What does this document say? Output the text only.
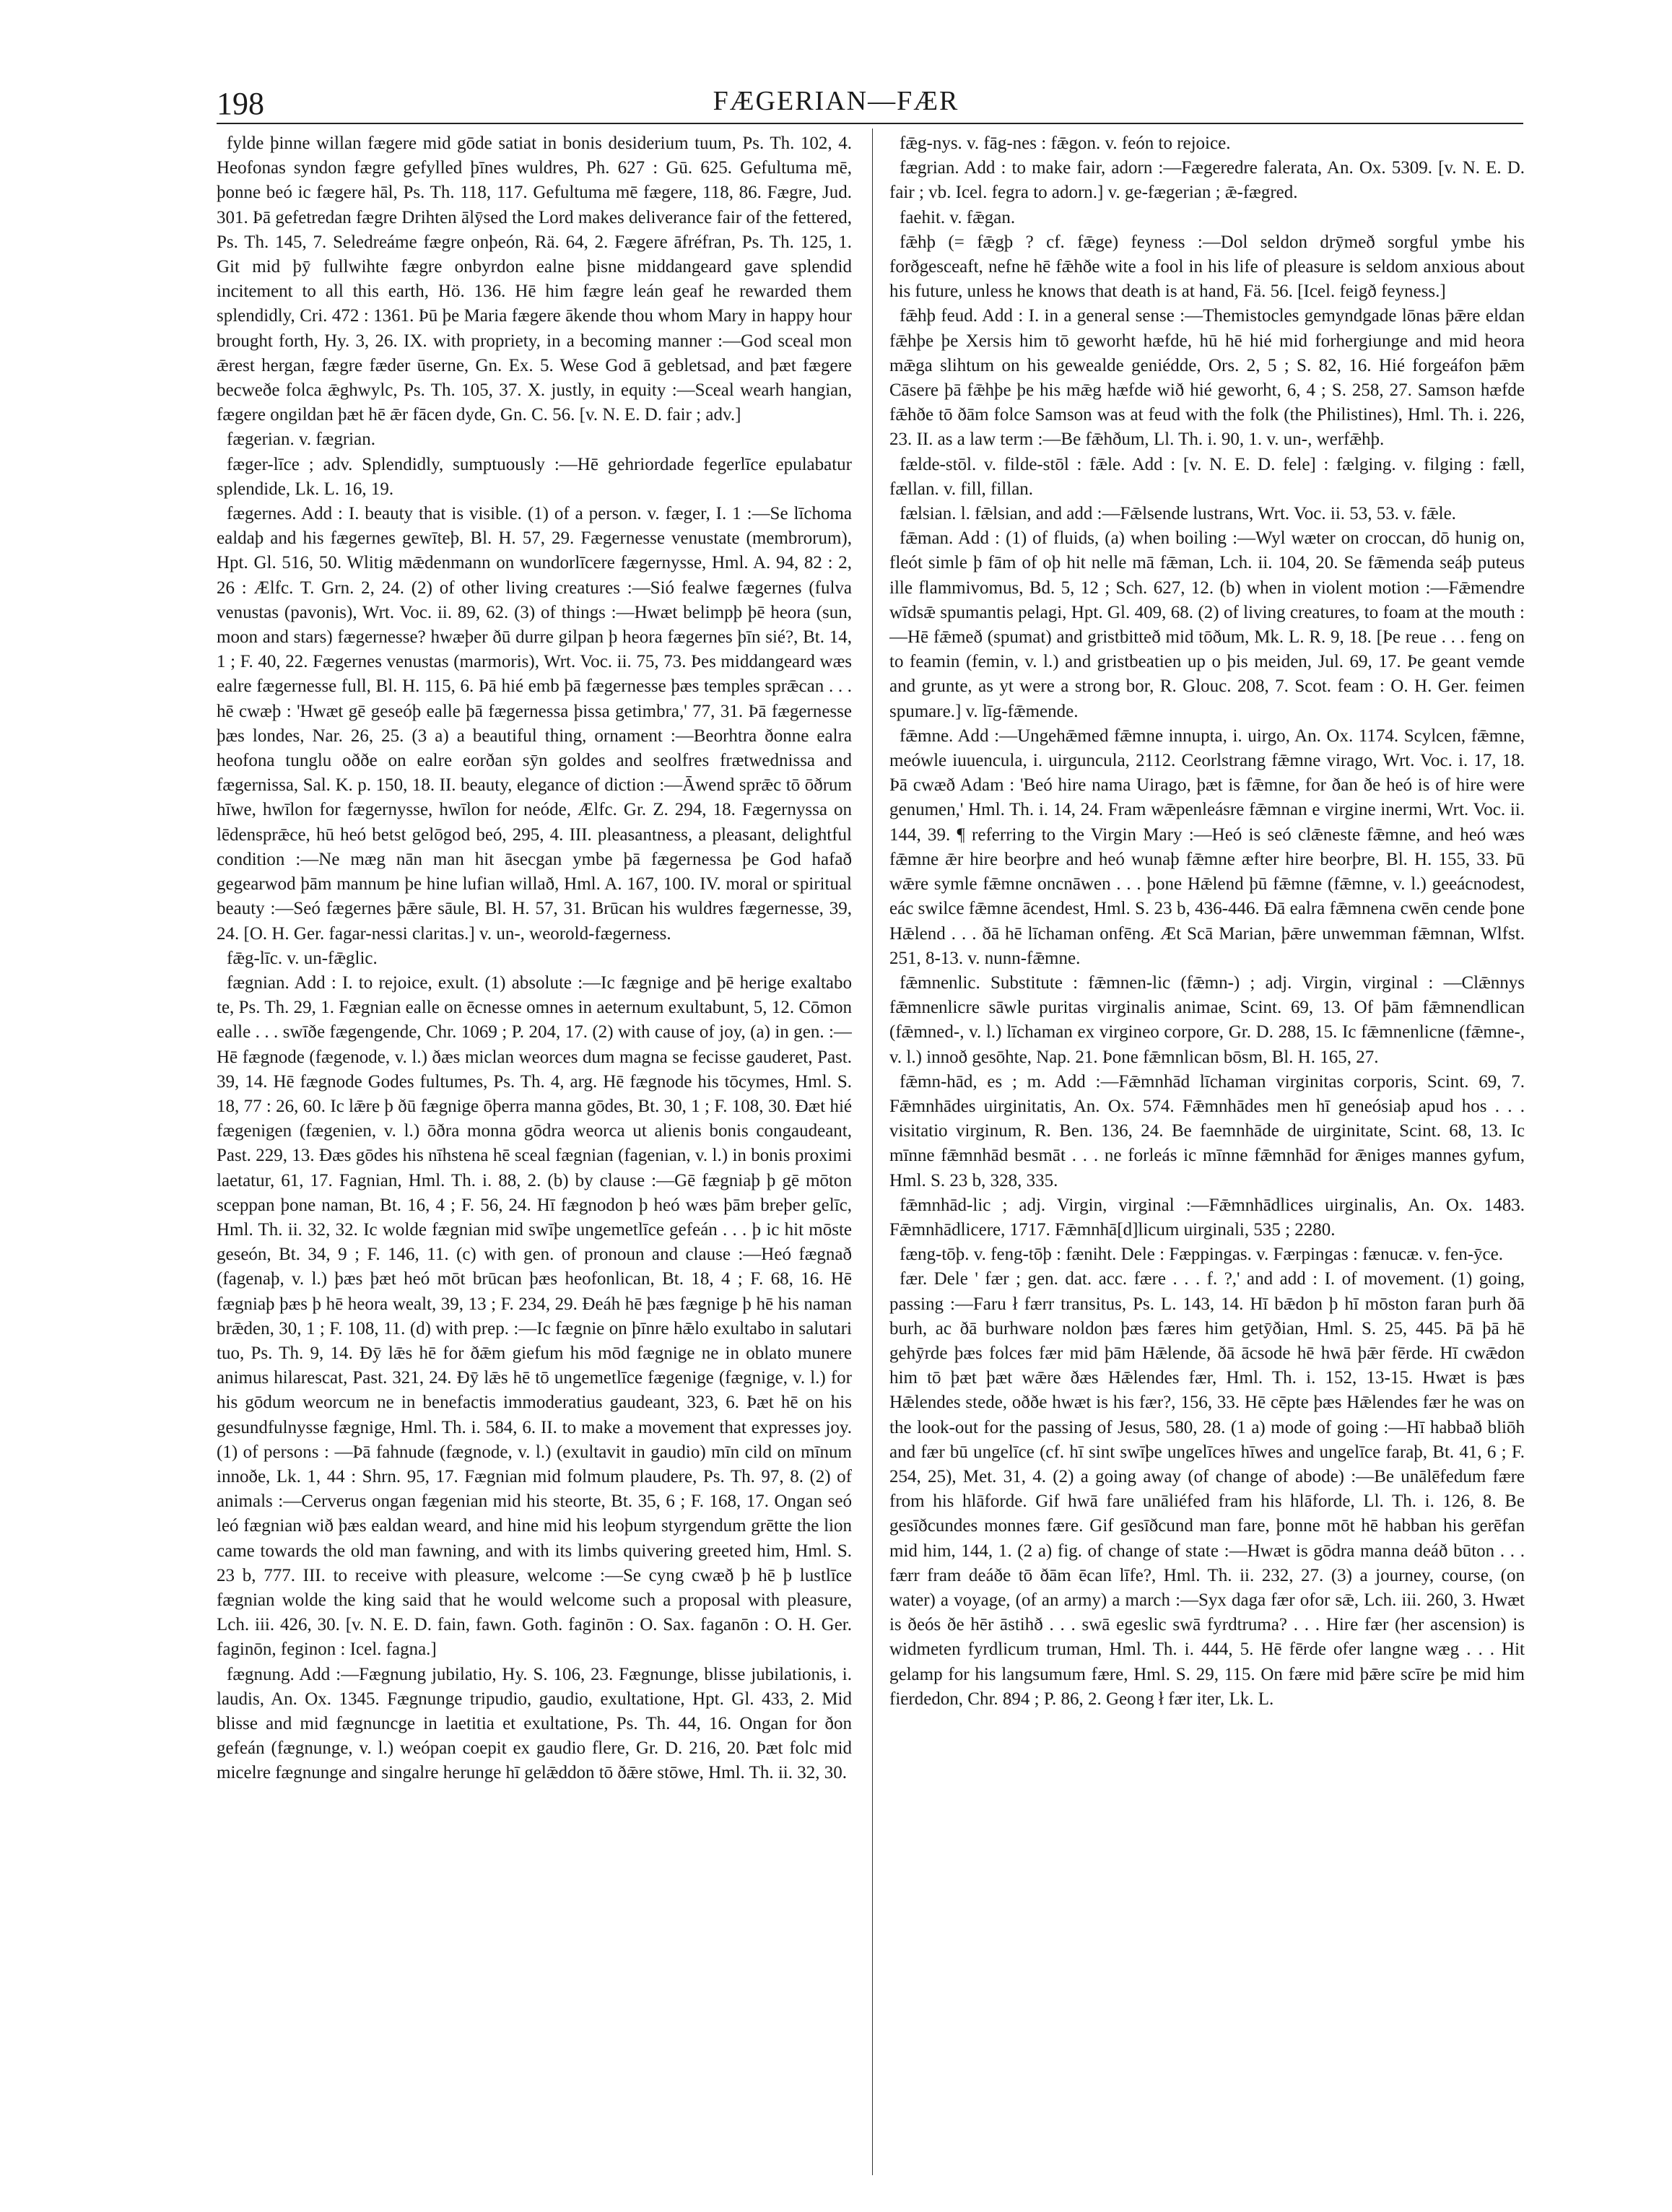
198	FÆGERIAN—FÆR

fylde þinne willan fægere mid gōde satiat in bonis desiderium tuum, Ps. Th. 102, 4. Heofonas syndon fægre gefylled þīnes wuldres, Ph. 627 : Gū. 625. Gefultuma mē, þonne beó ic fægere hāl, Ps. Th. 118, 117. Gefultuma mē fægere, 118, 86. Fægre, Jud. 301. Þā gefetredan fægre Drihten ālȳsed the Lord makes deliverance fair of the fettered, Ps. Th. 145, 7. Seledreáme fægre onþeón, Rä. 64, 2. Fægere āfréfran, Ps. Th. 125, 1. Git mid þȳ fullwihte fægre onbyrdon ealne þisne middangeard gave splendid incitement to all this earth, Hö. 136. Hē him fægre leán geaf he rewarded them splendidly, Cri. 472 : 1361. Þū þe Maria fægere ākende thou whom Mary in happy hour brought forth, Hy. 3, 26. IX. with propriety, in a becoming manner :—God sceal mon ǣrest hergan, fægre fæder ūserne, Gn. Ex. 5. Wese God ā gebletsad, and þæt fægere becweðe folca ǣghwylc, Ps. Th. 105, 37. X. justly, in equity :—Sceal wearh hangian, fægere ongildan þæt hē ǣr fācen dyde, Gn. C. 56. [v. N. E. D. fair ; adv.]

fægerian. v. fægrian.

fæger-līce ; adv. Splendidly, sumptuously :—Hē gehriordade fegerlīce epulabatur splendide, Lk. L. 16, 19.

fægernes. Add : I. beauty that is visible. (1) of a person. v. fæger, I. 1 :—Se līchoma ealdaþ and his fægernes gewīteþ, Bl. H. 57, 29. Fægernesse venustate (membrorum), Hpt. Gl. 516, 50. Wlitig mǣdenmann on wundorlīcere fægernysse, Hml. A. 94, 82 : 2, 26 : Ælfc. T. Grn. 2, 24. (2) of other living creatures :—Sió fealwe fægernes (fulva venustas (pavonis), Wrt. Voc. ii. 89, 62. (3) of things :—Hwæt belimpþ þē heora (sun, moon and stars) fægernesse? hwæþer ðū durre gilpan þ heora fægernes þīn sié?, Bt. 14, 1 ; F. 40, 22. Fægernes venustas (marmoris), Wrt. Voc. ii. 75, 73. Þes middangeard wæs ealre fægernesse full, Bl. H. 115, 6. Þā hié emb þā fægernesse þæs temples sprǣcan . . . hē cwæþ : 'Hwæt gē geseóþ ealle þā fægernessa þissa getimbra,' 77, 31. Þā fægernesse þæs londes, Nar. 26, 25. (3 a) a beautiful thing, ornament :—Beorhtra ðonne ealra heofona tunglu oððe on ealre eorðan sȳn goldes and seolfres frætwednissa and fægernissa, Sal. K. p. 150, 18. II. beauty, elegance of diction :—Āwend sprǣc tō ōðrum hīwe, hwīlon for fægernysse, hwīlon for neóde, Ælfc. Gr. Z. 294, 18. Fægernyssa on lēdensprǣce, hū heó betst gelōgod beó, 295, 4. III. pleasantness, a pleasant, delightful condition :—Ne mæg nān man hit āsecgan ymbe þā fægernessa þe God hafað gegearwod þām mannum þe hine lufian willað, Hml. A. 167, 100. IV. moral or spiritual beauty :—Seó fægernes þǣre sāule, Bl. H. 57, 31. Brūcan his wuldres fægernesse, 39, 24. [O. H. Ger. fagar-nessi claritas.] v. un-, weorold-fægerness.

fǣg-līc. v. un-fǣglic.

fægnian. Add : I. to rejoice, exult. (1) absolute :—Ic fægnige and þē herige exaltabo te, Ps. Th. 29, 1. Fægnian ealle on ēcnesse omnes in aeternum exultabunt, 5, 12. Cōmon ealle . . . swīðe fægengende, Chr. 1069 ; P. 204, 17. (2) with cause of joy, (a) in gen. :—Hē fægnode (fægenode, v. l.) ðæs miclan weorces dum magna se fecisse gauderet, Past. 39, 14. Hē fægnode Godes fultumes, Ps. Th. 4, arg. Hē fægnode his tōcymes, Hml. S. 18, 77 : 26, 60. Ic lǣre þ ðū fægnige ōþerra manna gōdes, Bt. 30, 1 ; F. 108, 30. Ðæt hié fægenigen (fægenien, v. l.) ōðra monna gōdra weorca ut alienis bonis congaudeant, Past. 229, 13. Ðæs gōdes his nīhstena hē sceal fægnian (fagenian, v. l.) in bonis proximi laetatur, 61, 17. Fagnian, Hml. Th. i. 88, 2. (b) by clause :—Gē fægniaþ þ gē mōton sceppan þone naman, Bt. 16, 4 ; F. 56, 24. Hī fægnodon þ heó wæs þām breþer gelīc, Hml. Th. ii. 32, 32. Ic wolde fægnian mid swīþe ungemetlīce gefeán . . . þ ic hit mōste geseón, Bt. 34, 9 ; F. 146, 11. (c) with gen. of pronoun and clause :—Heó fægnað (fagenaþ, v. l.) þæs þæt heó mōt brūcan þæs heofonlican, Bt. 18, 4 ; F. 68, 16. Hē fægniaþ þæs þ hē heora wealt, 39, 13 ; F. 234, 29. Ðeáh hē þæs fægnige þ hē his naman brǣden, 30, 1 ; F. 108, 11. (d) with prep. :—Ic fægnie on þīnre hǣlo exultabo in salutari tuo, Ps. Th. 9, 14. Ðȳ lǣs hē for ðǣm giefum his mōd fægnige ne in oblato munere animus hilarescat, Past. 321, 24. Ðȳ lǣs hē tō ungemetlīce fægenige (fægnige, v. l.) for his gōdum weorcum ne in benefactis immoderatius gaudeant, 323, 6. Þæt hē on his gesundfulnysse fægnige, Hml. Th. i. 584, 6. II. to make a movement that expresses joy. (1) of persons : —Þā fahnude (fægnode, v. l.) (exultavit in gaudio) mīn cild on mīnum innoðe, Lk. 1, 44 : Shrn. 95, 17. Fægnian mid folmum plaudere, Ps. Th. 97, 8. (2) of animals :—Cerverus ongan fægenian mid his steorte, Bt. 35, 6 ; F. 168, 17. Ongan seó leó fægnian wið þæs ealdan weard, and hine mid his leoþum styrgendum grētte the lion came towards the old man fawning, and with its limbs quivering greeted him, Hml. S. 23 b, 777. III. to receive with pleasure, welcome :—Se cyng cwæð þ hē þ lustlīce fægnian wolde the king said that he would welcome such a proposal with pleasure, Lch. iii. 426, 30. [v. N. E. D. fain, fawn. Goth. faginōn : O. Sax. faganōn : O. H. Ger. faginōn, feginon : Icel. fagna.]

fægnung. Add :—Fægnung jubilatio, Hy. S. 106, 23. Fægnunge, blisse jubilationis, i. laudis, An. Ox. 1345. Fægnunge tripudio, gaudio, exultatione, Hpt. Gl. 433, 2. Mid blisse and mid fægnuncge in laetitia et exultatione, Ps. Th. 44, 16. Ongan for ðon gefeán (fægnunge, v. l.) weópan coepit ex gaudio flere, Gr. D. 216, 20. Þæt folc mid micelre fægnunge and singalre herunge hī gelǣddon tō ðǣre stōwe, Hml. Th. ii. 32, 30.

fǣg-nys. v. fāg-nes : fǣgon. v. feón to rejoice.

fægrian. Add : to make fair, adorn :—Fægeredre falerata, An. Ox. 5309. [v. N. E. D. fair ; vb. Icel. fegra to adorn.] v. ge-fægerian ; ǣ-fægred.

faehit. v. fǣgan.

fǣhþ (= fǣgþ ? cf. fǣge) feyness :—Dol seldon drȳmeð sorgful ymbe his forðgesceaft, nefne hē fǣhðe wite a fool in his life of pleasure is seldom anxious about his future, unless he knows that death is at hand, Fä. 56. [Icel. feigð feyness.]

fǣhþ feud. Add : I. in a general sense :—Themistocles gemyndgade lōnas þǣre eldan fǣhþe þe Xersis him tō geworht hæfde, hū hē hié mid forhergiunge and mid heora mǣga slihtum on his gewealde geniédde, Ors. 2, 5 ; S. 82, 16. Hié forgeáfon þǣm Cāsere þā fǣhþe þe his mǣg hæfde wið hié geworht, 6, 4 ; S. 258, 27. Samson hæfde fǣhðe tō ðām folce Samson was at feud with the folk (the Philistines), Hml. Th. i. 226, 23. II. as a law term :—Be fǣhðum, Ll. Th. i. 90, 1. v. un-, werfǣhþ.

fælde-stōl. v. filde-stōl : fǣle. Add : [v. N. E. D. fele] : fælging. v. filging : fæll, fællan. v. fill, fillan.

fælsian. l. fǣlsian, and add :—Fǣlsende lustrans, Wrt. Voc. ii. 53, 53. v. fǣle.

fǣman. Add : (1) of fluids, (a) when boiling :—Wyl wæter on croccan, dō hunig on, fleót simle þ fām of oþ hit nelle mā fǣman, Lch. ii. 104, 20. Se fǣmenda seáþ puteus ille flammivomus, Bd. 5, 12 ; Sch. 627, 12. (b) when in violent motion :—Fǣmendre wīdsǣ spumantis pelagi, Hpt. Gl. 409, 68. (2) of living creatures, to foam at the mouth :—Hē fǣmeð (spumat) and gristbitteð mid tōðum, Mk. L. R. 9, 18. [Þe reue . . . feng on to feamin (femin, v. l.) and gristbeatien up o þis meiden, Jul. 69, 17. Þe geant vemde and grunte, as yt were a strong bor, R. Glouc. 208, 7. Scot. feam : O. H. Ger. feimen spumare.] v. līg-fǣmende.

fǣmne. Add :—Ungehǣmed fǣmne innupta, i. uirgo, An. Ox. 1174. Scylcen, fǣmne, meówle iuuencula, i. uirguncula, 2112. Ceorlstrang fǣmne virago, Wrt. Voc. i. 17, 18. Þā cwæð Adam : 'Beó hire nama Uirago, þæt is fǣmne, for ðan ðe heó is of hire were genumen,' Hml. Th. i. 14, 24. Fram wǣpenleásre fǣmnan e virgine inermi, Wrt. Voc. ii. 144, 39. ¶ referring to the Virgin Mary :—Heó is seó clǣneste fǣmne, and heó wæs fǣmne ǣr hire beorþre and heó wunaþ fǣmne æfter hire beorþre, Bl. H. 155, 33. Þū wǣre symle fǣmne oncnāwen . . . þone Hǣlend þū fǣmne (fǣmne, v. l.) geeácnodest, eác swilce fǣmne ācendest, Hml. S. 23 b, 436-446. Ðā ealra fǣmnena cwēn cende þone Hǣlend . . . ðā hē līchaman onfēng. Æt Scā Marian, þǣre unwemman fǣmnan, Wlfst. 251, 8-13. v. nunn-fǣmne.

fǣmnenlic. Substitute : fǣmnen-lic (fǣmn-) ; adj. Virgin, virginal : —Clǣnnys fǣmnenlicre sāwle puritas virginalis animae, Scint. 69, 13. Of þām fǣmnendlican (fǣmned-, v. l.) līchaman ex virgineo corpore, Gr. D. 288, 15. Ic fǣmnenlicne (fǣmne-, v. l.) innoð gesōhte, Nap. 21. Þone fǣmnlican bōsm, Bl. H. 165, 27.

fǣmn-hād, es ; m. Add :—Fǣmnhād līchaman virginitas corporis, Scint. 69, 7. Fǣmnhādes uirginitatis, An. Ox. 574. Fǣmnhādes men hī geneósiaþ apud hos . . . visitatio virginum, R. Ben. 136, 24. Be faemnhāde de uirginitate, Scint. 68, 13. Ic mīnne fǣmnhād besmāt . . . ne forleás ic mīnne fǣmnhād for ǣniges mannes gyfum, Hml. S. 23 b, 328, 335.

fǣmnhād-lic ; adj. Virgin, virginal :—Fǣmnhādlices uirginalis, An. Ox. 1483. Fǣmnhādlicere, 1717. Fǣmnhā[d]licum uirginali, 535 ; 2280.

fæng-tōþ. v. feng-tōþ : fæniht. Dele : Fæppingas. v. Færpingas : fænucæ. v. fen-ȳce.

fær. Dele ' fær ; gen. dat. acc. fære . . . f. ?,' and add : I. of movement. (1) going, passing :—Faru ł færr transitus, Ps. L. 143, 14. Hī bǣdon þ hī mōston faran þurh ðā burh, ac ðā burhware noldon þæs færes him getȳðian, Hml. S. 25, 445. Þā þā hē gehȳrde þæs folces fær mid þām Hǣlende, ðā ācsode hē hwā þǣr fērde. Hī cwǣdon him tō þæt þæt wǣre ðæs Hǣlendes fær, Hml. Th. i. 152, 13-15. Hwæt is þæs Hǣlendes stede, oððe hwæt is his fær?, 156, 33. Hē cēpte þæs Hǣlendes fær he was on the look-out for the passing of Jesus, 580, 28. (1 a) mode of going :—Hī habbað bliōh and fær bū ungelīce (cf. hī sint swīþe ungelīces hīwes and ungelīce faraþ, Bt. 41, 6 ; F. 254, 25), Met. 31, 4. (2) a going away (of change of abode) :—Be unālēfedum fære from his hlāforde. Gif hwā fare unāliéfed fram his hlāforde, Ll. Th. i. 126, 8. Be gesīðcundes monnes fære. Gif gesīðcund man fare, þonne mōt hē habban his gerēfan mid him, 144, 1. (2 a) fig. of change of state :—Hwæt is gōdra manna deáð būton . . . færr fram deáðe tō ðām ēcan līfe?, Hml. Th. ii. 232, 27. (3) a journey, course, (on water) a voyage, (of an army) a march :—Syx daga fær ofor sǣ, Lch. iii. 260, 3. Hwæt is ðeós ðe hēr āstihð . . . swā egeslic swā fyrdtruma? . . . Hire fær (her ascension) is widmeten fyrdlicum truman, Hml. Th. i. 444, 5. Hē fērde ofer langne wæg . . . Hit gelamp for his langsumum fære, Hml. S. 29, 115. On fære mid þǣre scīre þe mid him fierdedon, Chr. 894 ; P. 86, 2. Geong ł fær iter, Lk. L.
